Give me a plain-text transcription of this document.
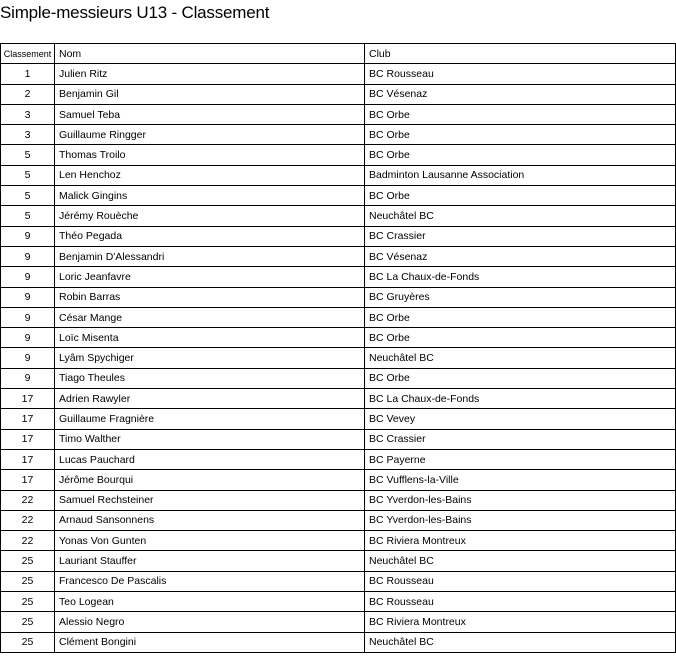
Simple-messieurs U13 - Classement
Classement	Nom	Club
1	Julien Ritz	BC Rousseau
2	Benjamin Gil	BC Vésenaz
3	Samuel Teba	BC Orbe
3	Guillaume Ringger	BC Orbe
5	Thomas Troilo	BC Orbe
5	Len Henchoz	Badminton Lausanne Association
5	Malick Gingins	BC Orbe
5	Jérémy Rouèche	Neuchâtel BC
9	Théo Pegada	BC Crassier
9	Benjamin D'Alessandri	BC Vésenaz
9	Loric Jeanfavre	BC La Chaux-de-Fonds
9	Robin Barras	BC Gruyères
9	César Mange	BC Orbe
9	Loïc Misenta	BC Orbe
9	Lyâm Spychiger	Neuchâtel BC
9	Tiago Theules	BC Orbe
17	Adrien Rawyler	BC La Chaux-de-Fonds
17	Guillaume Fragnière	BC Vevey
17	Timo Walther	BC Crassier
17	Lucas Pauchard	BC Payerne
17	Jérôme Bourqui	BC Vufflens-la-Ville
22	Samuel Rechsteiner	BC Yverdon-les-Bains
22	Arnaud Sansonnens	BC Yverdon-les-Bains
22	Yonas Von Gunten	BC Riviera Montreux
25	Lauriant Stauffer	Neuchâtel BC
25	Francesco De Pascalis	BC Rousseau
25	Teo Logean	BC Rousseau
25	Alessio Negro	BC Riviera Montreux
25	Clément Bongini	Neuchâtel BC
